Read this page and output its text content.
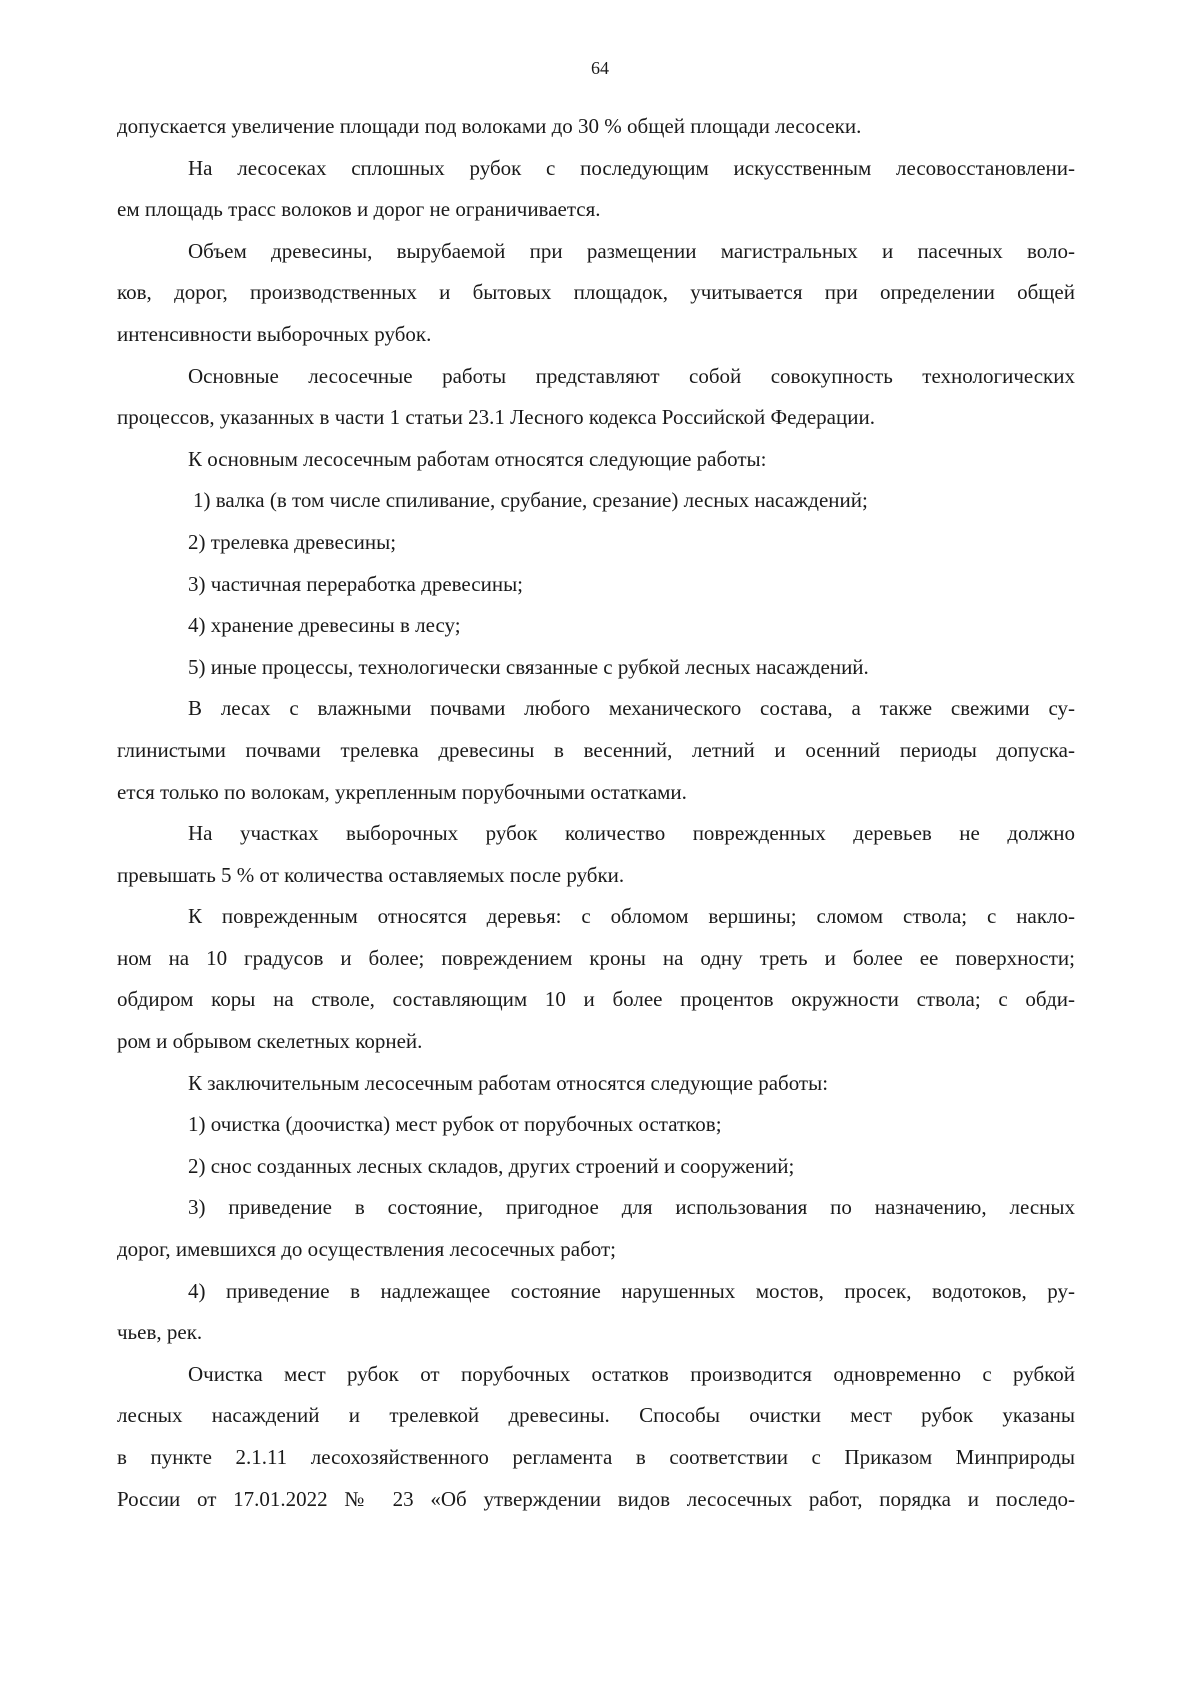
64
допускается увеличение площади под волоками до 30 % общей площади лесосеки.
На лесосеках сплошных рубок с последующим искусственным лесовосстановлени-
ем площадь трасс волоков и дорог не ограничивается.
Объем древесины, вырубаемой при размещении магистральных и пасечных воло-
ков, дорог, производственных и бытовых площадок, учитывается при определении общей
интенсивности выборочных рубок.
Основные лесосечные работы представляют собой совокупность технологических
процессов, указанных в части 1 статьи 23.1 Лесного кодекса Российской Федерации.
К основным лесосечным работам относятся следующие работы:
1) валка (в том числе спиливание, срубание, срезание) лесных насаждений;
2) трелевка древесины;
3) частичная переработка древесины;
4) хранение древесины в лесу;
5) иные процессы, технологически связанные с рубкой лесных насаждений.
В лесах с влажными почвами любого механического состава, а также свежими су-
глинистыми почвами трелевка древесины в весенний, летний и осенний периоды допуска-
ется только по волокам, укрепленным порубочными остатками.
На участках выборочных рубок количество поврежденных деревьев не должно
превышать 5 % от количества оставляемых после рубки.
К поврежденным относятся деревья: с обломом вершины; сломом ствола; с накло-
ном на 10 градусов и более; повреждением кроны на одну треть и более ее поверхности;
обдиром коры на стволе, составляющим 10 и более процентов окружности ствола; с обди-
ром и обрывом скелетных корней.
К заключительным лесосечным работам относятся следующие работы:
1) очистка (доочистка) мест рубок от порубочных остатков;
2) снос созданных лесных складов, других строений и сооружений;
3) приведение в состояние, пригодное для использования по назначению, лесных
дорог, имевшихся до осуществления лесосечных работ;
4) приведение в надлежащее состояние нарушенных мостов, просек, водотоков, ру-
чьев, рек.
Очистка мест рубок от порубочных остатков производится одновременно с рубкой
лесных насаждений и трелевкой древесины. Способы очистки мест рубок указаны
в пункте 2.1.11 лесохозяйственного регламента в соответствии с Приказом Минприроды
России от 17.01.2022 № 23 «Об утверждении видов лесосечных работ, порядка и последо-
